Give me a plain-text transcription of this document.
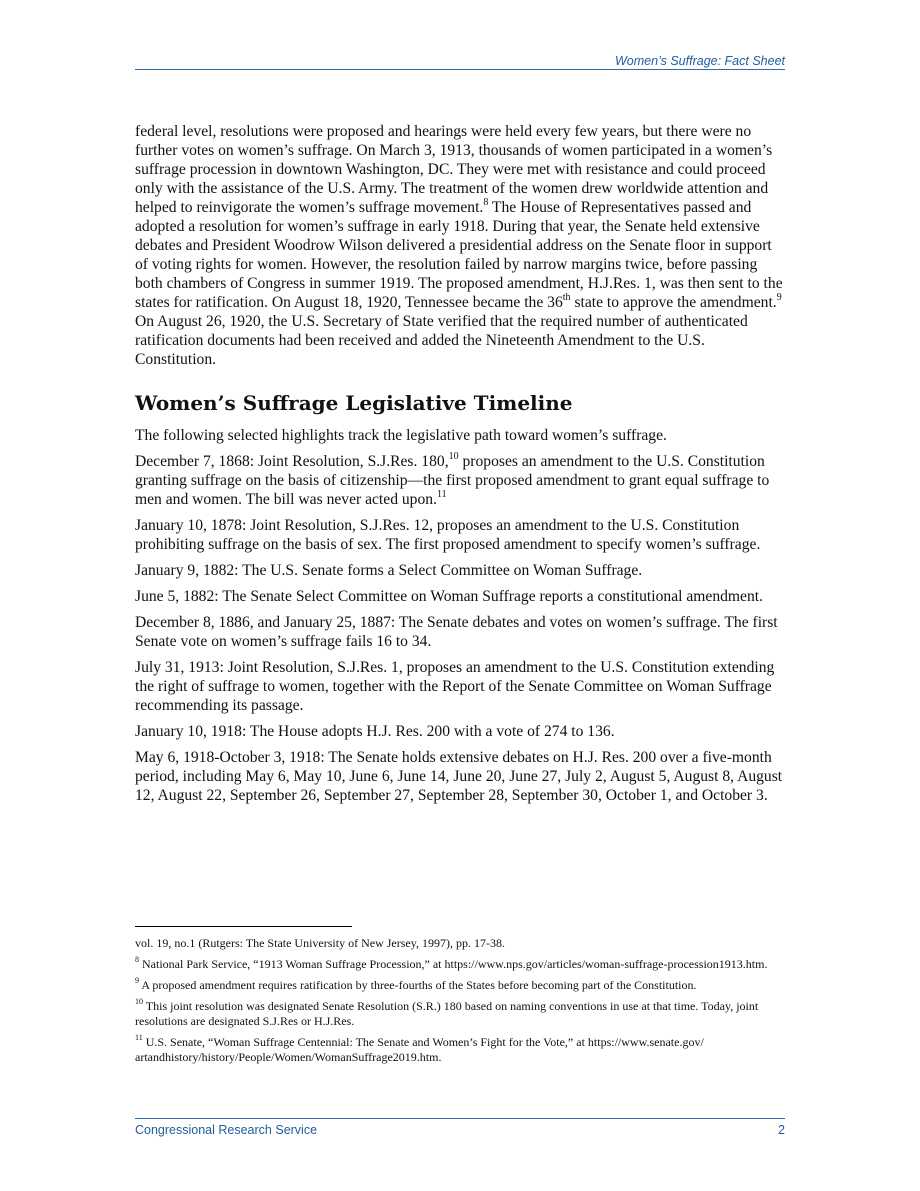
Women’s Suffrage: Fact Sheet

federal level, resolutions were proposed and hearings were held every few years, but there were no further votes on women’s suffrage. On March 3, 1913, thousands of women participated in a women’s suffrage procession in downtown Washington, DC. They were met with resistance and could proceed only with the assistance of the U.S. Army. The treatment of the women drew worldwide attention and helped to reinvigorate the women’s suffrage movement.$^8$ The House of Representatives passed and adopted a resolution for women’s suffrage in early 1918. During that year, the Senate held extensive debates and President Woodrow Wilson delivered a presidential address on the Senate floor in support of voting rights for women. However, the resolution failed by narrow margins twice, before passing both chambers of Congress in summer 1919. The proposed amendment, H.J.Res. 1, was then sent to the states for ratification. On August 18, 1920, Tennessee became the 36th state to approve the amendment.$^9$ On August 26, 1920, the U.S. Secretary of State verified that the required number of authenticated ratification documents had been received and added the Nineteenth Amendment to the U.S. Constitution.

Women’s Suffrage Legislative Timeline

The following selected highlights track the legislative path toward women’s suffrage.

December 7, 1868: Joint Resolution, S.J.Res. 180,10 proposes an amendment to the U.S. Constitution granting suffrage on the basis of citizenship—the first proposed amendment to grant equal suffrage to men and women. The bill was never acted upon.$^{11}$

January 10, 1878: Joint Resolution, S.J.Res. 12, proposes an amendment to the U.S. Constitution prohibiting suffrage on the basis of sex. The first proposed amendment to specify women’s suffrage.

January 9, 1882: The U.S. Senate forms a Select Committee on Woman Suffrage.

June 5, 1882: The Senate Select Committee on Woman Suffrage reports a constitutional amendment.

December 8, 1886, and January 25, 1887: The Senate debates and votes on women’s suffrage. The first Senate vote on women’s suffrage fails 16 to 34.

July 31, 1913: Joint Resolution, S.J.Res. 1, proposes an amendment to the U.S. Constitution extending the right of suffrage to women, together with the Report of the Senate Committee on Woman Suffrage recommending its passage.

January 10, 1918: The House adopts H.J. Res. 200 with a vote of 274 to 136.

May 6, 1918-October 3, 1918: The Senate holds extensive debates on H.J. Res. 200 over a five-month period, including May 6, May 10, June 6, June 14, June 20, June 27, July 2, August 5, August 8, August 12, August 22, September 26, September 27, September 28, September 30, October 1, and October 3.

vol. 19, no.1 (Rutgers: The State University of New Jersey, 1997), pp. 17-38.

$^8$ National Park Service, “1913 Woman Suffrage Procession,” at https://www.nps.gov/articles/woman-suffrage-procession1913.htm.

$^9$ A proposed amendment requires ratification by three-fourths of the States before becoming part of the Constitution.

$^{10}$ This joint resolution was designated Senate Resolution (S.R.) 180 based on naming conventions in use at that time. Today, joint resolutions are designated S.J.Res or H.J.Res.

$^{11}$ U.S. Senate, “Woman Suffrage Centennial: The Senate and Women’s Fight for the Vote,” at https://www.senate.gov/ artandhistory/history/People/Women/WomanSuffrage2019.htm.

Congressional Research Service	2
